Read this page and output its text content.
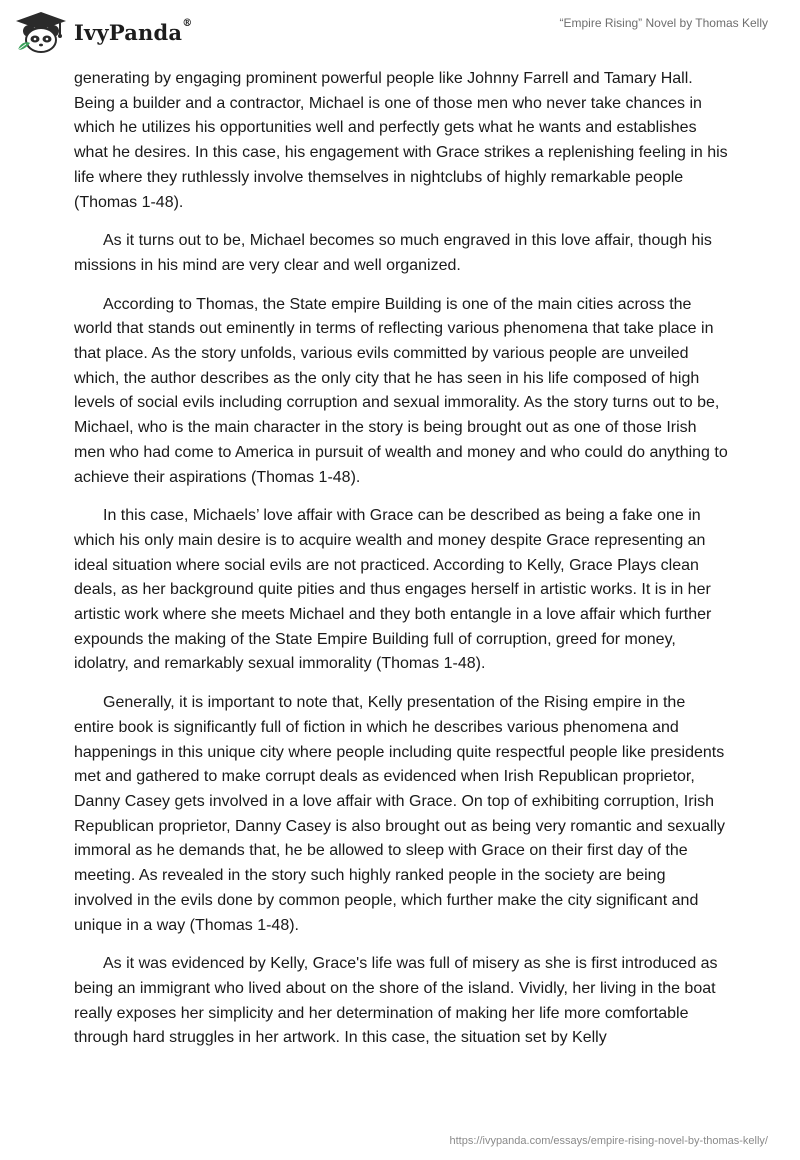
IvyPanda®	“Empire Rising” Novel by Thomas Kelly

generating by engaging prominent powerful people like Johnny Farrell and Tamary Hall. Being a builder and a contractor, Michael is one of those men who never take chances in which he utilizes his opportunities well and perfectly gets what he wants and establishes what he desires. In this case, his engagement with Grace strikes a replenishing feeling in his life where they ruthlessly involve themselves in nightclubs of highly remarkable people (Thomas 1-48).

As it turns out to be, Michael becomes so much engraved in this love affair, though his missions in his mind are very clear and well organized.

According to Thomas, the State empire Building is one of the main cities across the world that stands out eminently in terms of reflecting various phenomena that take place in that place. As the story unfolds, various evils committed by various people are unveiled which, the author describes as the only city that he has seen in his life composed of high levels of social evils including corruption and sexual immorality. As the story turns out to be, Michael, who is the main character in the story is being brought out as one of those Irish men who had come to America in pursuit of wealth and money and who could do anything to achieve their aspirations (Thomas 1-48).

In this case, Michaels’ love affair with Grace can be described as being a fake one in which his only main desire is to acquire wealth and money despite Grace representing an ideal situation where social evils are not practiced. According to Kelly, Grace Plays clean deals, as her background quite pities and thus engages herself in artistic works. It is in her artistic work where she meets Michael and they both entangle in a love affair which further expounds the making of the State Empire Building full of corruption, greed for money, idolatry, and remarkably sexual immorality (Thomas 1-48).

Generally, it is important to note that, Kelly presentation of the Rising empire in the entire book is significantly full of fiction in which he describes various phenomena and happenings in this unique city where people including quite respectful people like presidents met and gathered to make corrupt deals as evidenced when Irish Republican proprietor, Danny Casey gets involved in a love affair with Grace. On top of exhibiting corruption, Irish Republican proprietor, Danny Casey is also brought out as being very romantic and sexually immoral as he demands that, he be allowed to sleep with Grace on their first day of the meeting. As revealed in the story such highly ranked people in the society are being involved in the evils done by common people, which further make the city significant and unique in a way (Thomas 1-48).

As it was evidenced by Kelly, Grace's life was full of misery as she is first introduced as being an immigrant who lived about on the shore of the island. Vividly, her living in the boat really exposes her simplicity and her determination of making her life more comfortable through hard struggles in her artwork. In this case, the situation set by Kelly

https://ivypanda.com/essays/empire-rising-novel-by-thomas-kelly/
